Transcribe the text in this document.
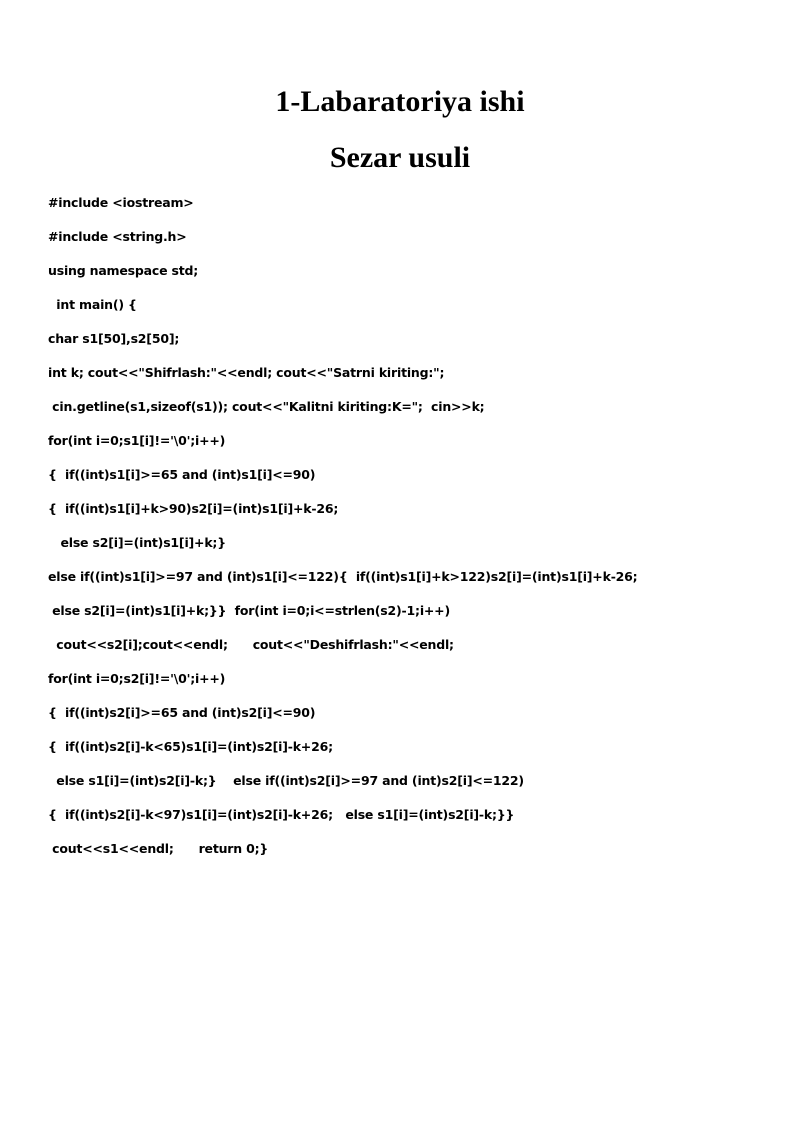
1-Labaratoriya ishi
Sezar usuli
#include <iostream>
#include <string.h>
using namespace std;
int main() {
char s1[50],s2[50];
int k; cout<<"Shifrlash:"<<endl; cout<<"Satrni kiriting:";
cin.getline(s1,sizeof(s1)); cout<<"Kalitni kiriting:K=";  cin>>k;
for(int i=0;s1[i]!='\0';i++)
{  if((int)s1[i]>=65 and (int)s1[i]<=90)
{  if((int)s1[i]+k>90)s2[i]=(int)s1[i]+k-26;
else s2[i]=(int)s1[i]+k;}
else if((int)s1[i]>=97 and (int)s1[i]<=122){  if((int)s1[i]+k>122)s2[i]=(int)s1[i]+k-26;
else s2[i]=(int)s1[i]+k;}}  for(int i=0;i<=strlen(s2)-1;i++)
cout<<s2[i];cout<<endl;      cout<<"Deshifrlash:"<<endl;
for(int i=0;s2[i]!='\0';i++)
{  if((int)s2[i]>=65 and (int)s2[i]<=90)
{  if((int)s2[i]-k<65)s1[i]=(int)s2[i]-k+26;
else s1[i]=(int)s2[i]-k;}    else if((int)s2[i]>=97 and (int)s2[i]<=122)
{  if((int)s2[i]-k<97)s1[i]=(int)s2[i]-k+26;   else s1[i]=(int)s2[i]-k;}}
cout<<s1<<endl;      return 0;}
